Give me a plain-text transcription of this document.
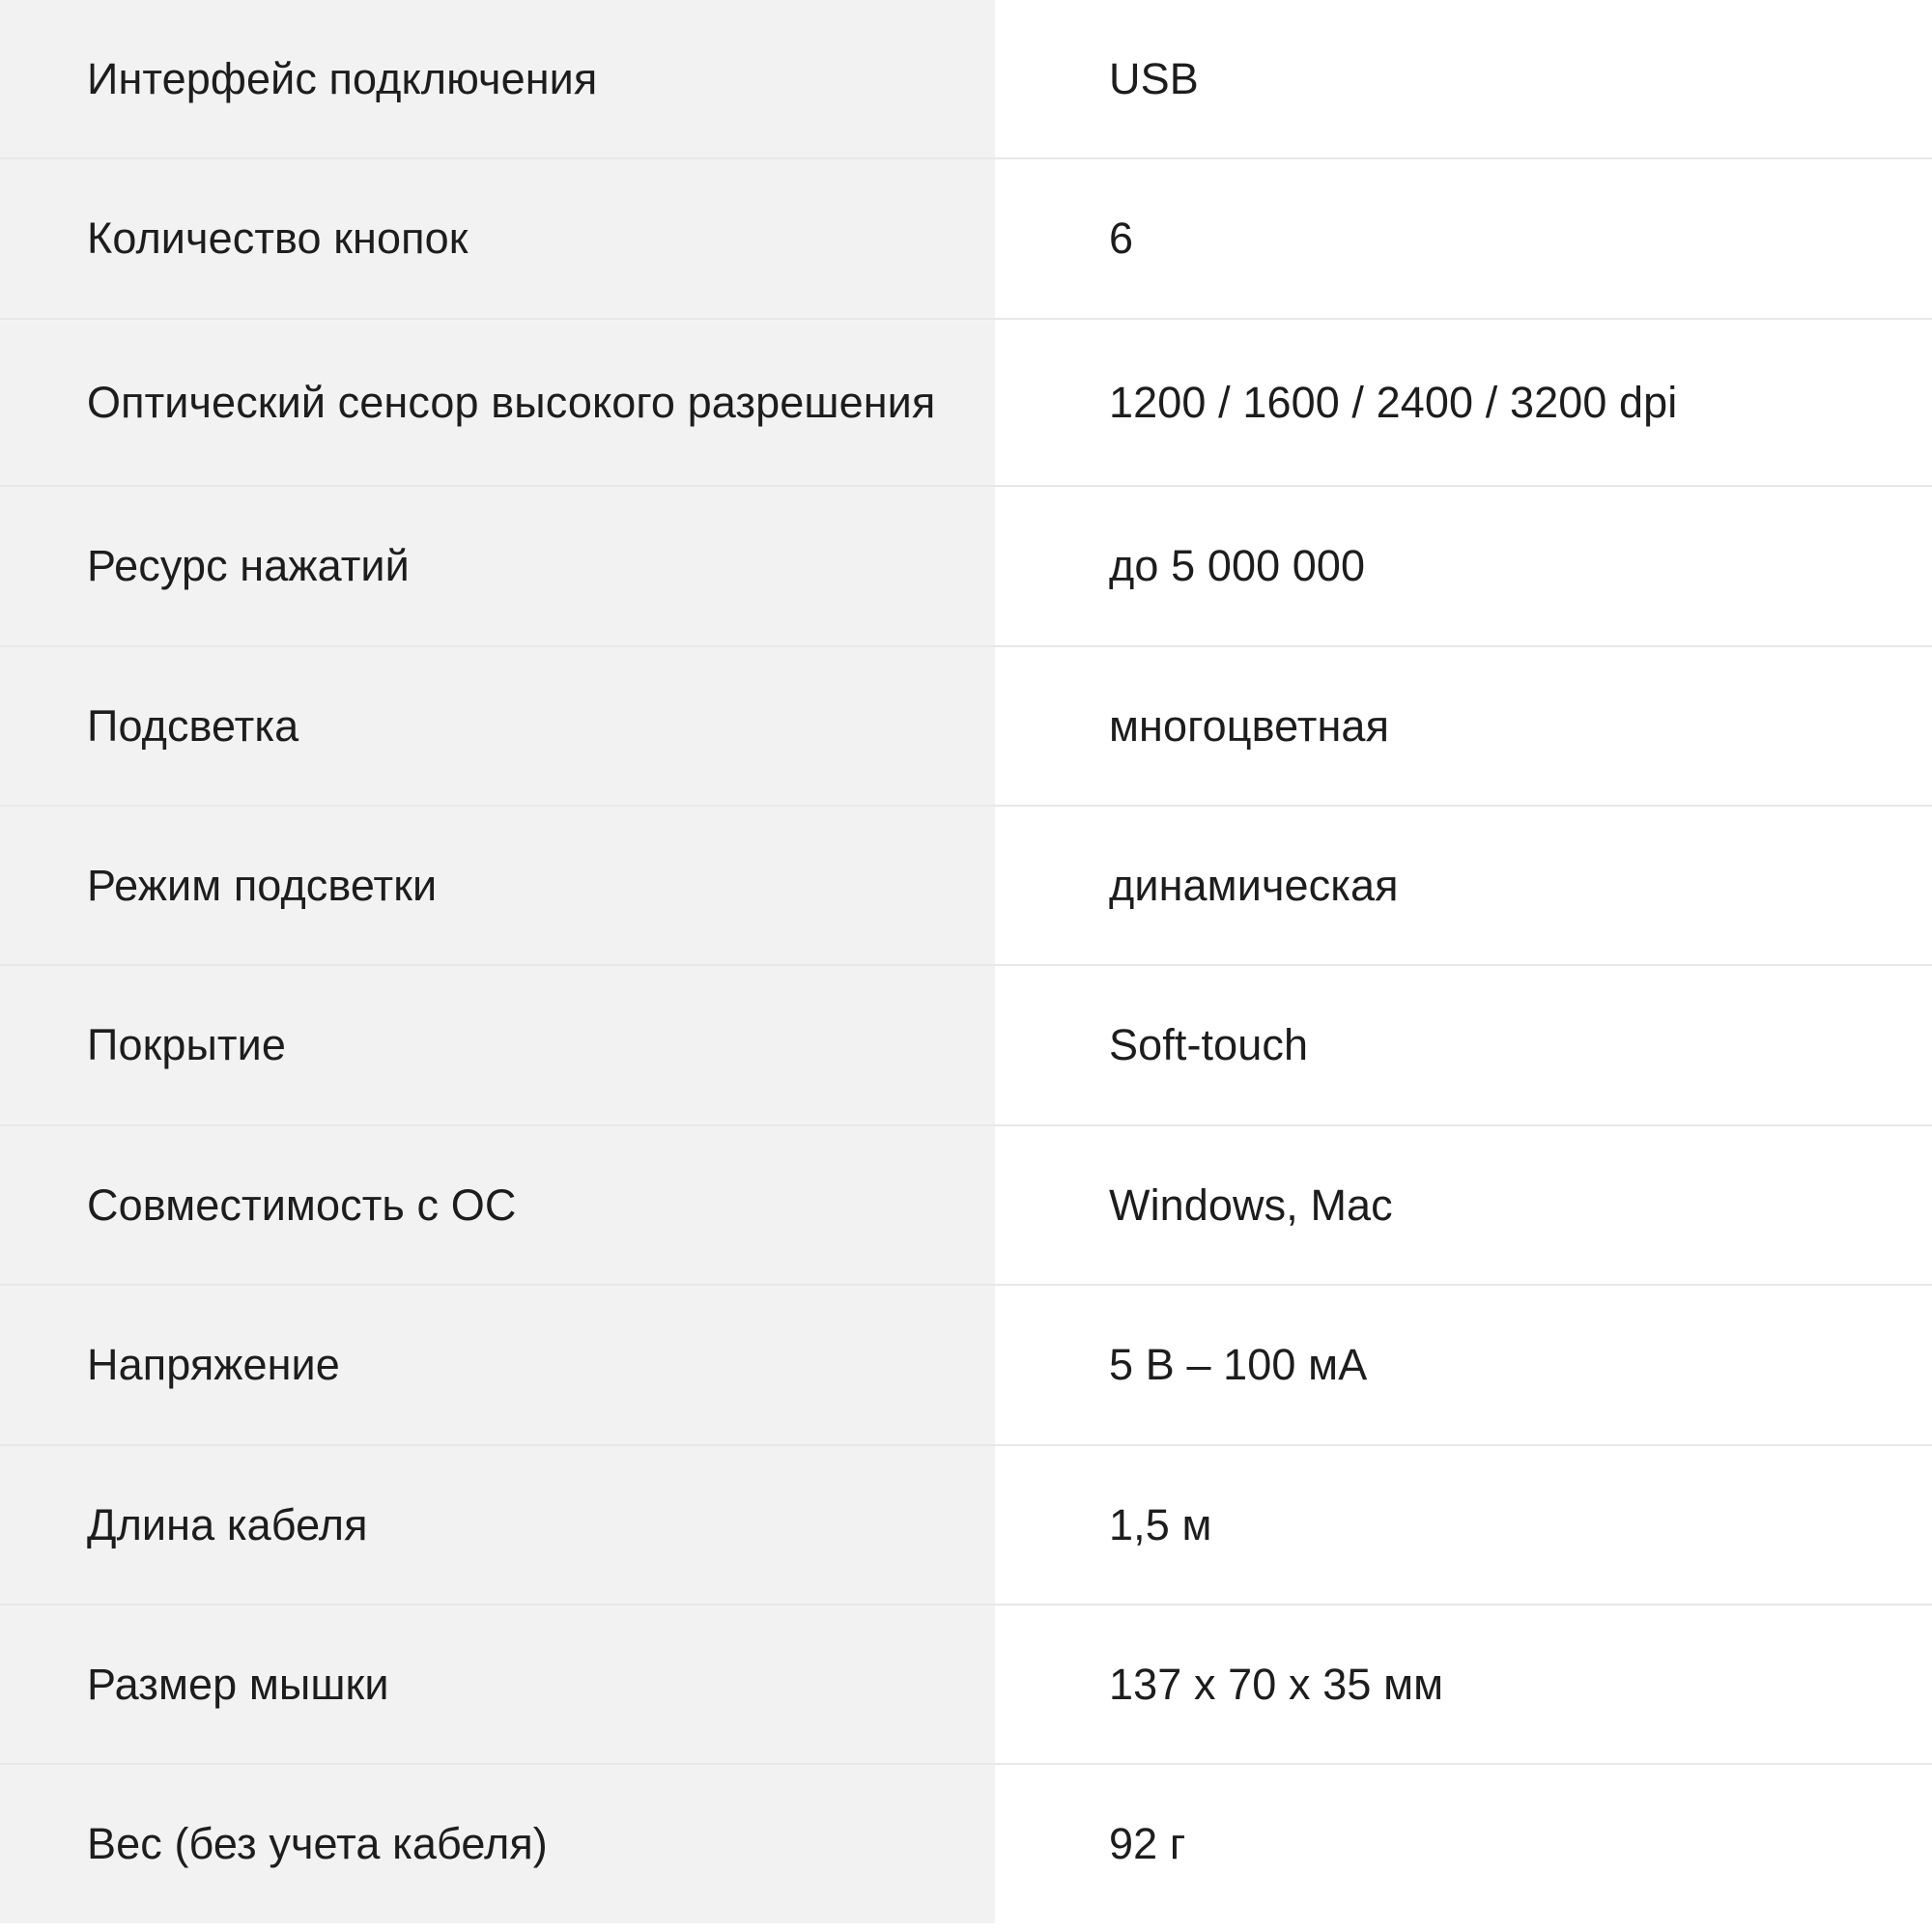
Интерфейс подключения	USB
Количество кнопок	6
Оптический сенсор высокого разрешения	1200 / 1600 / 2400 / 3200 dpi
Ресурс нажатий	до 5 000 000
Подсветка	многоцветная
Режим подсветки	динамическая
Покрытие	Soft-touch
Совместимость с ОС	Windows, Mac
Напряжение	5 В – 100 мА
Длина кабеля	1,5 м
Размер мышки	137 x 70 x 35 мм
Вес (без учета кабеля)	92 г
